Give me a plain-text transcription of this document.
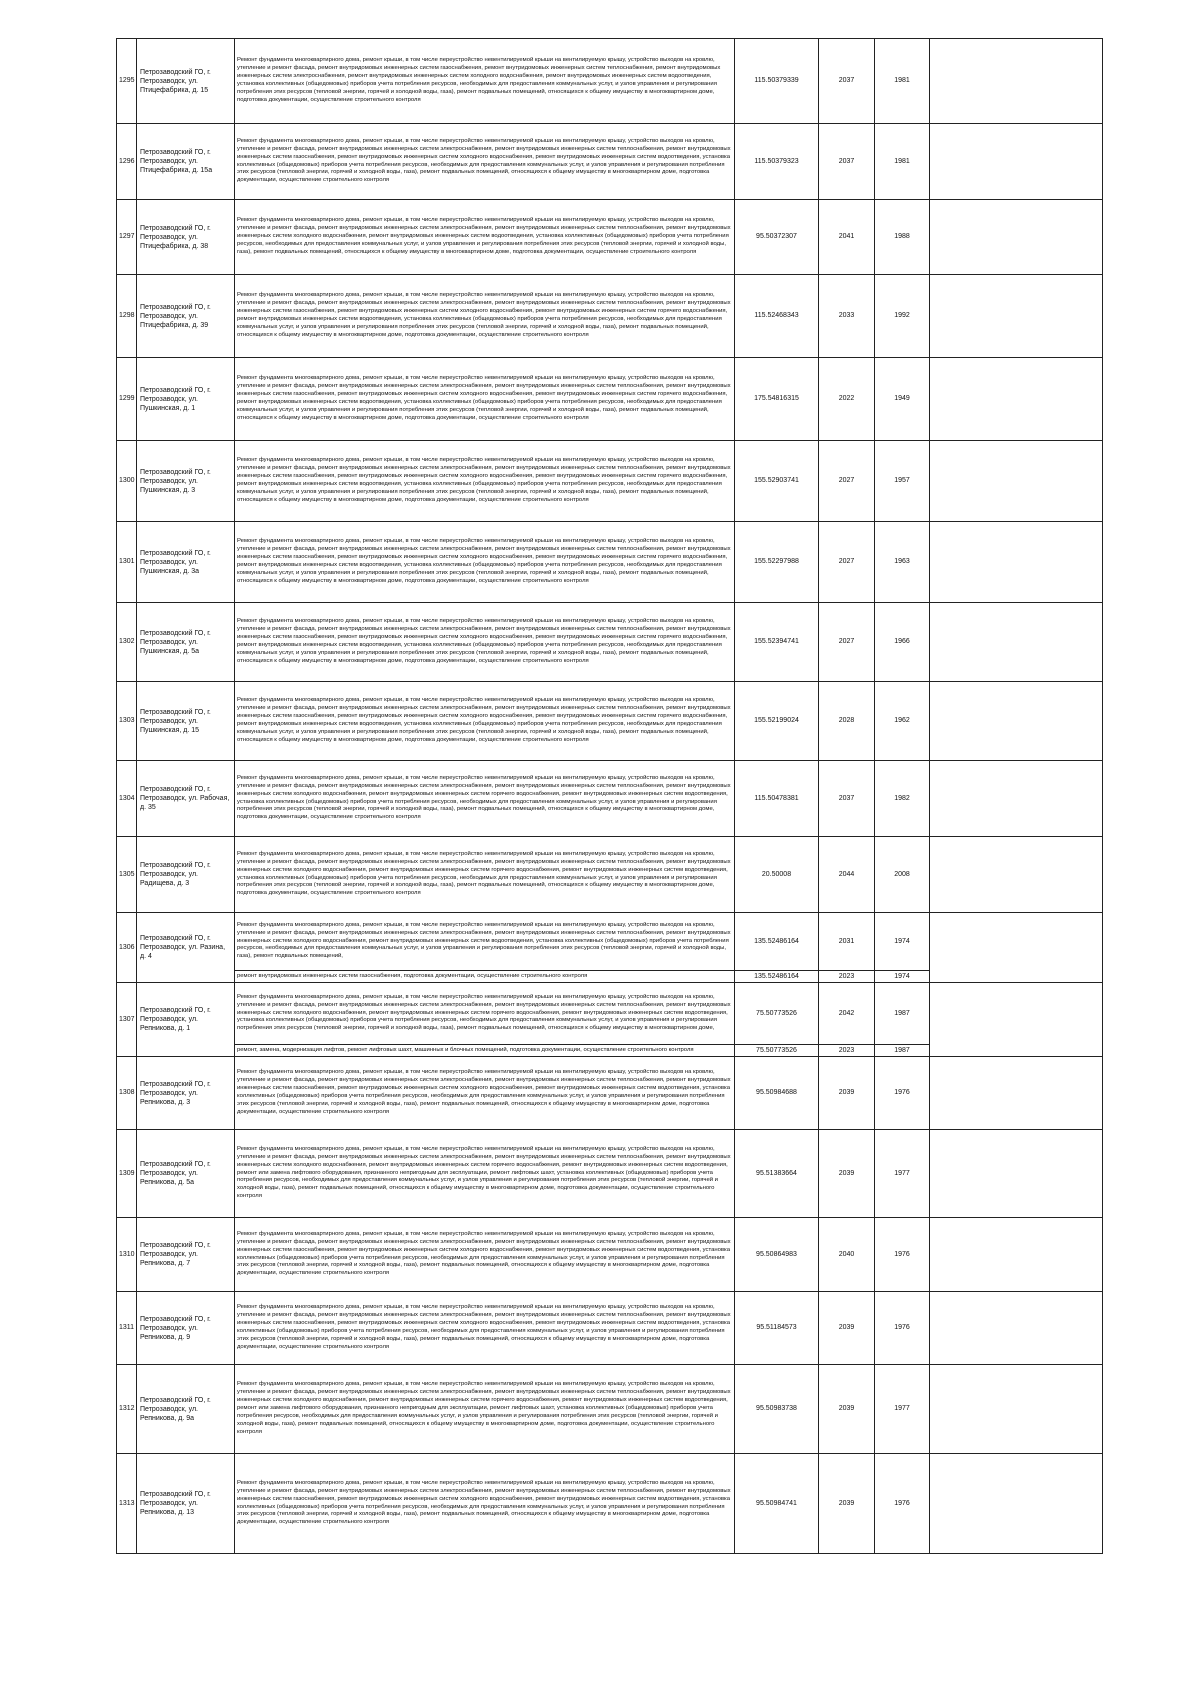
1295	Петрозаводский ГО, г. Петрозаводск, ул. Птицефабрика, д. 15	Ремонт фундамента многоквартирного дома, ремонт крыши, в том числе переустройство невентилируемой крыши на вентилируемую крышу, устройство выходов на кровлю, утепление и ремонт фасада, ремонт внутридомовых инженерных систем газоснабжения, ремонт внутридомовых инженерных систем теплоснабжения, ремонт внутридомовых инженерных систем электроснабжения, ремонт внутридомовых инженерных систем холодного водоснабжения, ремонт внутридомовых инженерных систем водоотведения, установка коллективных (общедомовых) приборов учета потребления ресурсов, необходимых для предоставления коммунальных услуг, и узлов управления и регулирования потребления этих ресурсов (тепловой энергии, горячей и холодной воды, газа), ремонт подвальных помещений, относящихся к общему имуществу в многоквартирном доме, подготовка документации, осуществление строительного контроля	115.50379339	2037	1981	
1296	Петрозаводский ГО, г. Петрозаводск, ул. Птицефабрика, д. 15а	Ремонт фундамента многоквартирного дома, ремонт крыши, в том числе переустройство невентилируемой крыши на вентилируемую крышу, устройство выходов на кровлю, утепление и ремонт фасада, ремонт внутридомовых инженерных систем электроснабжения, ремонт внутридомовых инженерных систем теплоснабжения, ремонт внутридомовых инженерных систем газоснабжения, ремонт внутридомовых инженерных систем холодного водоснабжения, ремонт внутридомовых инженерных систем водоотведения, установка коллективных (общедомовых) приборов учета потребления ресурсов, необходимых для предоставления коммунальных услуг, и узлов управления и регулирования потребления этих ресурсов (тепловой энергии, горячей и холодной воды, газа), ремонт подвальных помещений, относящихся к общему имуществу в многоквартирном доме, подготовка документации, осуществление строительного контроля	115.50379323	2037	1981	
1297	Петрозаводский ГО, г. Петрозаводск, ул. Птицефабрика, д. 38	Ремонт фундамента многоквартирного дома, ремонт крыши, в том числе переустройство невентилируемой крыши на вентилируемую крышу, устройство выходов на кровлю, утепление и ремонт фасада, ремонт внутридомовых инженерных систем электроснабжения, ремонт внутридомовых инженерных систем теплоснабжения, ремонт внутридомовых инженерных систем холодного водоснабжения, ремонт внутридомовых инженерных систем водоотведения, установка коллективных (общедомовых) приборов учета потребления ресурсов, необходимых для предоставления коммунальных услуг, и узлов управления и регулирования потребления этих ресурсов (тепловой энергии, горячей и холодной воды, газа), ремонт подвальных помещений, относящихся к общему имуществу в многоквартирном доме, подготовка документации, осуществление строительного контроля	95.50372307	2041	1988	
1298	Петрозаводский ГО, г. Петрозаводск, ул. Птицефабрика, д. 39	Ремонт фундамента многоквартирного дома, ремонт крыши, в том числе переустройство невентилируемой крыши на вентилируемую крышу, устройство выходов на кровлю, утепление и ремонт фасада, ремонт внутридомовых инженерных систем электроснабжения, ремонт внутридомовых инженерных систем теплоснабжения, ремонт внутридомовых инженерных систем газоснабжения, ремонт внутридомовых инженерных систем холодного водоснабжения, ремонт внутридомовых инженерных систем горячего водоснабжения, ремонт внутридомовых инженерных систем водоотведения, установка коллективных (общедомовых) приборов учета потребления ресурсов, необходимых для предоставления коммунальных услуг, и узлов управления и регулирования потребления этих ресурсов (тепловой энергии, горячей и холодной воды, газа), ремонт подвальных помещений, относящихся к общему имуществу в многоквартирном доме, подготовка документации, осуществление строительного контроля	115.52468343	2033	1992	
1299	Петрозаводский ГО, г. Петрозаводск, ул. Пушкинская, д. 1	Ремонт фундамента многоквартирного дома, ремонт крыши, в том числе переустройство невентилируемой крыши на вентилируемую крышу, устройство выходов на кровлю, утепление и ремонт фасада, ремонт внутридомовых инженерных систем электроснабжения, ремонт внутридомовых инженерных систем теплоснабжения, ремонт внутридомовых инженерных систем газоснабжения, ремонт внутридомовых инженерных систем холодного водоснабжения, ремонт внутридомовых инженерных систем горячего водоснабжения, ремонт внутридомовых инженерных систем водоотведения, установка коллективных (общедомовых) приборов учета потребления ресурсов, необходимых для предоставления коммунальных услуг, и узлов управления и регулирования потребления этих ресурсов (тепловой энергии, горячей и холодной воды, газа), ремонт подвальных помещений, относящихся к общему имуществу в многоквартирном доме, подготовка документации, осуществление строительного контроля	175.54816315	2022	1949	
1300	Петрозаводский ГО, г. Петрозаводск, ул. Пушкинская, д. 3	Ремонт фундамента многоквартирного дома, ремонт крыши, в том числе переустройство невентилируемой крыши на вентилируемую крышу, устройство выходов на кровлю, утепление и ремонт фасада, ремонт внутридомовых инженерных систем электроснабжения, ремонт внутридомовых инженерных систем теплоснабжения, ремонт внутридомовых инженерных систем газоснабжения, ремонт внутридомовых инженерных систем холодного водоснабжения, ремонт внутридомовых инженерных систем горячего водоснабжения, ремонт внутридомовых инженерных систем водоотведения, установка коллективных (общедомовых) приборов учета потребления ресурсов, необходимых для предоставления коммунальных услуг, и узлов управления и регулирования потребления этих ресурсов (тепловой энергии, горячей и холодной воды, газа), ремонт подвальных помещений, относящихся к общему имуществу в многоквартирном доме, подготовка документации, осуществление строительного контроля	155.52903741	2027	1957	
1301	Петрозаводский ГО, г. Петрозаводск, ул. Пушкинская, д. 3а	Ремонт фундамента многоквартирного дома, ремонт крыши, в том числе переустройство невентилируемой крыши на вентилируемую крышу, устройство выходов на кровлю, утепление и ремонт фасада, ремонт внутридомовых инженерных систем электроснабжения, ремонт внутридомовых инженерных систем теплоснабжения, ремонт внутридомовых инженерных систем газоснабжения, ремонт внутридомовых инженерных систем холодного водоснабжения, ремонт внутридомовых инженерных систем горячего водоснабжения, ремонт внутридомовых инженерных систем водоотведения, установка коллективных (общедомовых) приборов учета потребления ресурсов, необходимых для предоставления коммунальных услуг, и узлов управления и регулирования потребления этих ресурсов (тепловой энергии, горячей и холодной воды, газа), ремонт подвальных помещений, относящихся к общему имуществу в многоквартирном доме, подготовка документации, осуществление строительного контроля	155.52297988	2027	1963	
1302	Петрозаводский ГО, г. Петрозаводск, ул. Пушкинская, д. 5а	Ремонт фундамента многоквартирного дома, ремонт крыши, в том числе переустройство невентилируемой крыши на вентилируемую крышу, устройство выходов на кровлю, утепление и ремонт фасада, ремонт внутридомовых инженерных систем электроснабжения, ремонт внутридомовых инженерных систем теплоснабжения, ремонт внутридомовых инженерных систем газоснабжения, ремонт внутридомовых инженерных систем холодного водоснабжения, ремонт внутридомовых инженерных систем горячего водоснабжения, ремонт внутридомовых инженерных систем водоотведения, установка коллективных (общедомовых) приборов учета потребления ресурсов, необходимых для предоставления коммунальных услуг, и узлов управления и регулирования потребления этих ресурсов (тепловой энергии, горячей и холодной воды, газа), ремонт подвальных помещений, относящихся к общему имуществу в многоквартирном доме, подготовка документации, осуществление строительного контроля	155.52394741	2027	1966	
1303	Петрозаводский ГО, г. Петрозаводск, ул. Пушкинская, д. 15	Ремонт фундамента многоквартирного дома, ремонт крыши, в том числе переустройство невентилируемой крыши на вентилируемую крышу, устройство выходов на кровлю, утепление и ремонт фасада, ремонт внутридомовых инженерных систем электроснабжения, ремонт внутридомовых инженерных систем теплоснабжения, ремонт внутридомовых инженерных систем газоснабжения, ремонт внутридомовых инженерных систем холодного водоснабжения, ремонт внутридомовых инженерных систем горячего водоснабжения, ремонт внутридомовых инженерных систем водоотведения, установка коллективных (общедомовых) приборов учета потребления ресурсов, необходимых для предоставления коммунальных услуг, и узлов управления и регулирования потребления этих ресурсов (тепловой энергии, горячей и холодной воды, газа), ремонт подвальных помещений, относящихся к общему имуществу в многоквартирном доме, подготовка документации, осуществление строительного контроля	155.52199024	2028	1962	
1304	Петрозаводский ГО, г. Петрозаводск, ул. Рабочая, д. 35	Ремонт фундамента многоквартирного дома, ремонт крыши, в том числе переустройство невентилируемой крыши на вентилируемую крышу, устройство выходов на кровлю, утепление и ремонт фасада, ремонт внутридомовых инженерных систем электроснабжения, ремонт внутридомовых инженерных систем теплоснабжения, ремонт внутридомовых инженерных систем холодного водоснабжения, ремонт внутридомовых инженерных систем горячего водоснабжения, ремонт внутридомовых инженерных систем водоотведения, установка коллективных (общедомовых) приборов учета потребления ресурсов, необходимых для предоставления коммунальных услуг, и узлов управления и регулирования потребления этих ресурсов (тепловой энергии, горячей и холодной воды, газа), ремонт подвальных помещений, относящихся к общему имуществу в многоквартирном доме, подготовка документации, осуществление строительного контроля	115.50478381	2037	1982	
1305	Петрозаводский ГО, г. Петрозаводск, ул. Радищева, д. 3	Ремонт фундамента многоквартирного дома, ремонт крыши, в том числе переустройство невентилируемой крыши на вентилируемую крышу, устройство выходов на кровлю, утепление и ремонт фасада, ремонт внутридомовых инженерных систем электроснабжения, ремонт внутридомовых инженерных систем теплоснабжения, ремонт внутридомовых инженерных систем холодного водоснабжения, ремонт внутридомовых инженерных систем горячего водоснабжения, ремонт внутридомовых инженерных систем водоотведения, установка коллективных (общедомовых) приборов учета потребления ресурсов, необходимых для предоставления коммунальных услуг, и узлов управления и регулирования потребления этих ресурсов (тепловой энергии, горячей и холодной воды, газа), ремонт подвальных помещений, относящихся к общему имуществу в многоквартирном доме, подготовка документации, осуществление строительного контроля	20.50008	2044	2008	
1306	Петрозаводский ГО, г. Петрозаводск, ул. Разина, д. 4	Ремонт фундамента многоквартирного дома, ремонт крыши, в том числе переустройство невентилируемой крыши на вентилируемую крышу, устройство выходов на кровлю, утепление и ремонт фасада, ремонт внутридомовых инженерных систем электроснабжения, ремонт внутридомовых инженерных систем теплоснабжения, ремонт внутридомовых инженерных систем холодного водоснабжения, ремонт внутридомовых инженерных систем водоотведения, установка коллективных (общедомовых) приборов учета потребления ресурсов, необходимых для предоставления коммунальных услуг, и узлов управления и регулирования потребления этих ресурсов (тепловой энергии, горячей и холодной воды, газа), ремонт подвальных помещений,	135.52486164	2031	1974	
		ремонт внутридомовых инженерных систем газоснабжения, подготовка документации, осуществление строительного контроля	135.52486164	2023	1974	
1307	Петрозаводский ГО, г. Петрозаводск, ул. Репникова, д. 1	Ремонт фундамента многоквартирного дома, ремонт крыши, в том числе переустройство невентилируемой крыши на вентилируемую крышу, устройство выходов на кровлю, утепление и ремонт фасада, ремонт внутридомовых инженерных систем электроснабжения, ремонт внутридомовых инженерных систем теплоснабжения, ремонт внутридомовых инженерных систем холодного водоснабжения, ремонт внутридомовых инженерных систем горячего водоснабжения, ремонт внутридомовых инженерных систем водоотведения, установка коллективных (общедомовых) приборов учета потребления ресурсов, необходимых для предоставления коммунальных услуг, и узлов управления и регулирования потребления этих ресурсов (тепловой энергии, горячей и холодной воды, газа), ремонт подвальных помещений, относящихся к общему имуществу в многоквартирном доме,	75.50773526	2042	1987	
		ремонт, замена, модернизация лифтов, ремонт лифтовых шахт, машинных и блочных помещений, подготовка документации, осуществление строительного контроля	75.50773526	2023	1987	
1308	Петрозаводский ГО, г. Петрозаводск, ул. Репникова, д. 3	Ремонт фундамента многоквартирного дома, ремонт крыши, в том числе переустройство невентилируемой крыши на вентилируемую крышу, устройство выходов на кровлю, утепление и ремонт фасада, ремонт внутридомовых инженерных систем электроснабжения, ремонт внутридомовых инженерных систем теплоснабжения, ремонт внутридомовых инженерных систем газоснабжения, ремонт внутридомовых инженерных систем холодного водоснабжения, ремонт внутридомовых инженерных систем водоотведения, установка коллективных (общедомовых) приборов учета потребления ресурсов, необходимых для предоставления коммунальных услуг, и узлов управления и регулирования потребления этих ресурсов (тепловой энергии, горячей и холодной воды, газа), ремонт подвальных помещений, относящихся к общему имуществу в многоквартирном доме, подготовка документации, осуществление строительного контроля	95.50984688	2039	1976	
1309	Петрозаводский ГО, г. Петрозаводск, ул. Репникова, д. 5а	Ремонт фундамента многоквартирного дома, ремонт крыши, в том числе переустройство невентилируемой крыши на вентилируемую крышу, устройство выходов на кровлю, утепление и ремонт фасада, ремонт внутридомовых инженерных систем электроснабжения, ремонт внутридомовых инженерных систем теплоснабжения, ремонт внутридомовых инженерных систем холодного водоснабжения, ремонт внутридомовых инженерных систем горячего водоснабжения, ремонт внутридомовых инженерных систем водоотведения, ремонт или замена лифтового оборудования, признанного непригодным для эксплуатации, ремонт лифтовых шахт, установка коллективных (общедомовых) приборов учета потребления ресурсов, необходимых для предоставления коммунальных услуг, и узлов управления и регулирования потребления этих ресурсов (тепловой энергии, горячей и холодной воды, газа), ремонт подвальных помещений, относящихся к общему имуществу в многоквартирном доме, подготовка документации, осуществление строительного контроля	95.51383664	2039	1977	
1310	Петрозаводский ГО, г. Петрозаводск, ул. Репникова, д. 7	Ремонт фундамента многоквартирного дома, ремонт крыши, в том числе переустройство невентилируемой крыши на вентилируемую крышу, устройство выходов на кровлю, утепление и ремонт фасада, ремонт внутридомовых инженерных систем электроснабжения, ремонт внутридомовых инженерных систем теплоснабжения, ремонт внутридомовых инженерных систем газоснабжения, ремонт внутридомовых инженерных систем холодного водоснабжения, ремонт внутридомовых инженерных систем водоотведения, установка коллективных (общедомовых) приборов учета потребления ресурсов, необходимых для предоставления коммунальных услуг, и узлов управления и регулирования потребления этих ресурсов (тепловой энергии, горячей и холодной воды, газа), ремонт подвальных помещений, относящихся к общему имуществу в многоквартирном доме, подготовка документации, осуществление строительного контроля	95.50864983	2040	1976	
1311	Петрозаводский ГО, г. Петрозаводск, ул. Репникова, д. 9	Ремонт фундамента многоквартирного дома, ремонт крыши, в том числе переустройство невентилируемой крыши на вентилируемую крышу, устройство выходов на кровлю, утепление и ремонт фасада, ремонт внутридомовых инженерных систем электроснабжения, ремонт внутридомовых инженерных систем теплоснабжения, ремонт внутридомовых инженерных систем газоснабжения, ремонт внутридомовых инженерных систем холодного водоснабжения, ремонт внутридомовых инженерных систем водоотведения, установка коллективных (общедомовых) приборов учета потребления ресурсов, необходимых для предоставления коммунальных услуг, и узлов управления и регулирования потребления этих ресурсов (тепловой энергии, горячей и холодной воды, газа), ремонт подвальных помещений, относящихся к общему имуществу в многоквартирном доме, подготовка документации, осуществление строительного контроля	95.51184573	2039	1976	
1312	Петрозаводский ГО, г. Петрозаводск, ул. Репникова, д. 9а	Ремонт фундамента многоквартирного дома, ремонт крыши, в том числе переустройство невентилируемой крыши на вентилируемую крышу, устройство выходов на кровлю, утепление и ремонт фасада, ремонт внутридомовых инженерных систем электроснабжения, ремонт внутридомовых инженерных систем теплоснабжения, ремонт внутридомовых инженерных систем холодного водоснабжения, ремонт внутридомовых инженерных систем горячего водоснабжения, ремонт внутридомовых инженерных систем водоотведения, ремонт или замена лифтового оборудования, признанного непригодным для эксплуатации, ремонт лифтовых шахт, установка коллективных (общедомовых) приборов учета потребления ресурсов, необходимых для предоставления коммунальных услуг, и узлов управления и регулирования потребления этих ресурсов (тепловой энергии, горячей и холодной воды, газа), ремонт подвальных помещений, относящихся к общему имуществу в многоквартирном доме, подготовка документации, осуществление строительного контроля	95.50983738	2039	1977	
1313	Петрозаводский ГО, г. Петрозаводск, ул. Репникова, д. 13	Ремонт фундамента многоквартирного дома, ремонт крыши, в том числе переустройство невентилируемой крыши на вентилируемую крышу, устройство выходов на кровлю, утепление и ремонт фасада, ремонт внутридомовых инженерных систем электроснабжения, ремонт внутридомовых инженерных систем теплоснабжения, ремонт внутридомовых инженерных систем газоснабжения, ремонт внутридомовых инженерных систем холодного водоснабжения, ремонт внутридомовых инженерных систем водоотведения, установка коллективных (общедомовых) приборов учета потребления ресурсов, необходимых для предоставления коммунальных услуг, и узлов управления и регулирования потребления этих ресурсов (тепловой энергии, горячей и холодной воды, газа), ремонт подвальных помещений, относящихся к общему имуществу в многоквартирном доме, подготовка документации, осуществление строительного контроля	95.50984741	2039	1976	
